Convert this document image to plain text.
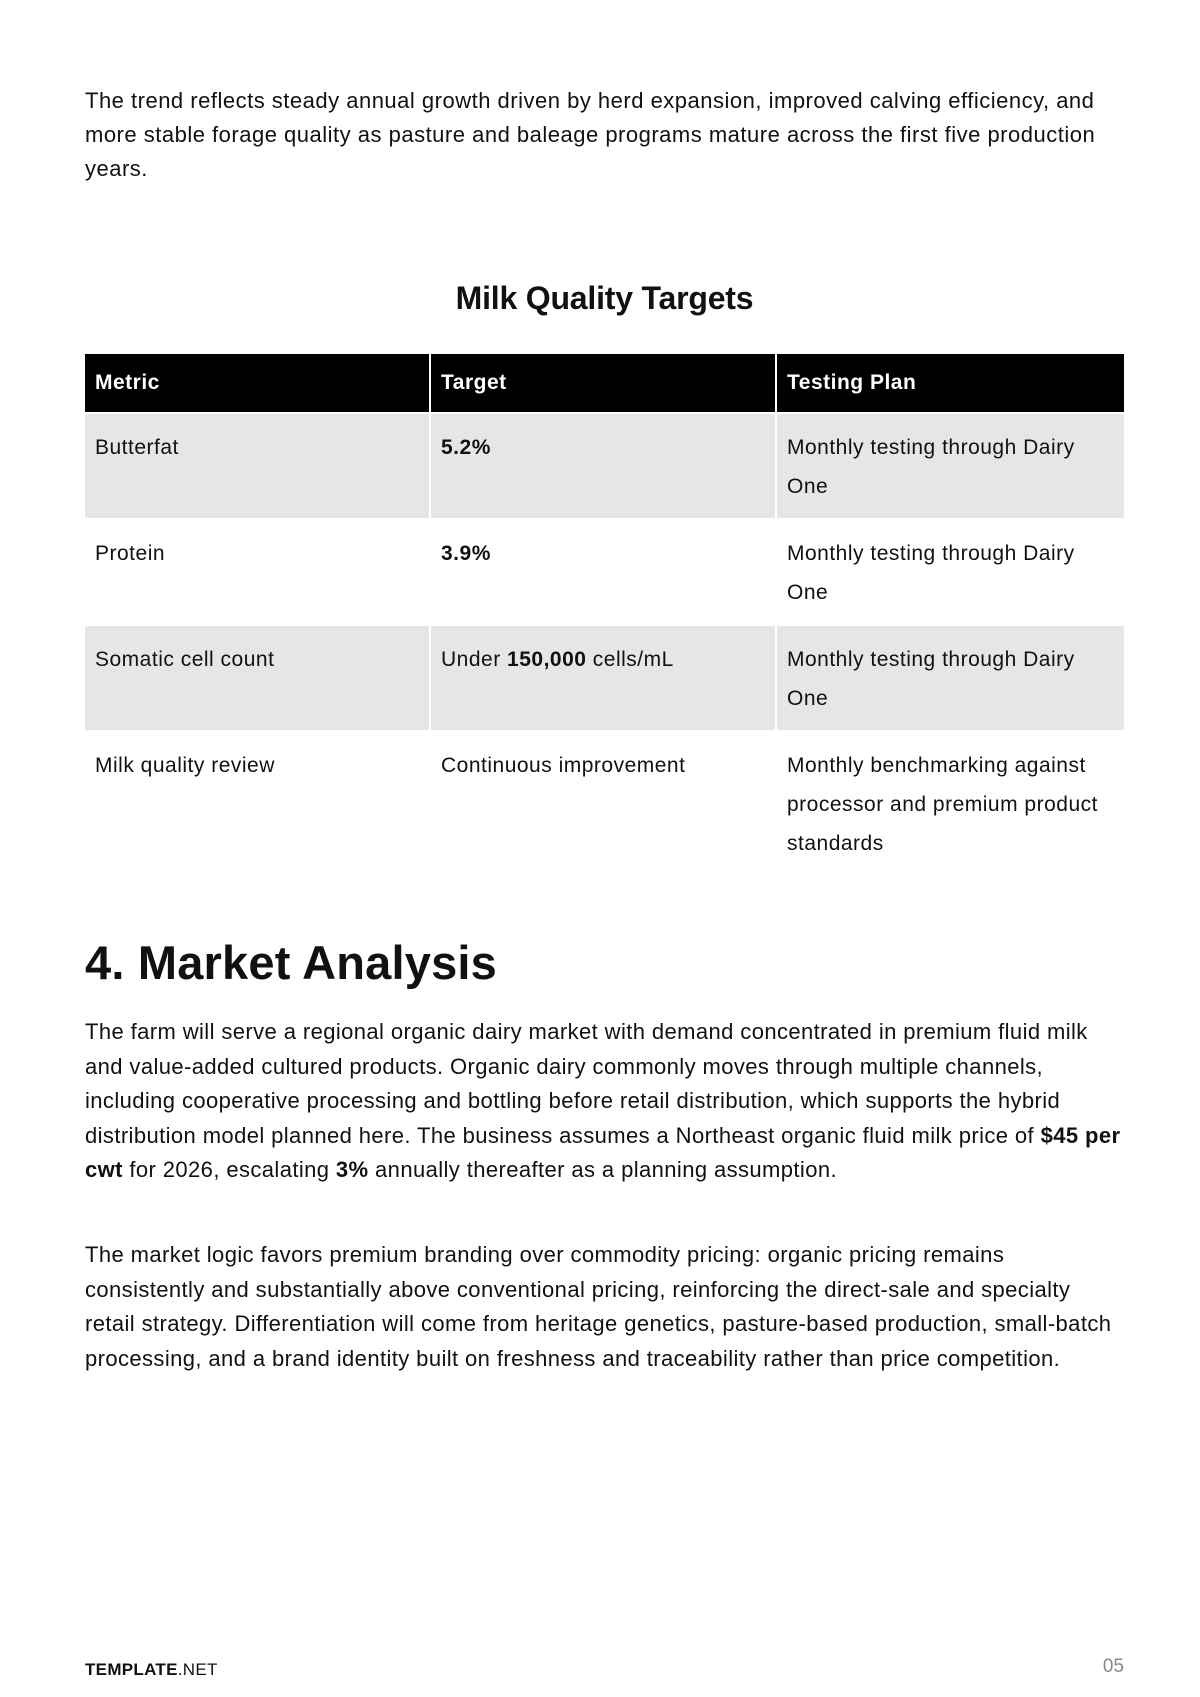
The trend reflects steady annual growth driven by herd expansion, improved calving efficiency, and more stable forage quality as pasture and baleage programs mature across the first five production years.

Milk Quality Targets
Metric	Target	Testing Plan
Butterfat	5.2%	Monthly testing through Dairy One
Protein	3.9%	Monthly testing through Dairy One
Somatic cell count	Under 150,000 cells/mL	Monthly testing through Dairy One
Milk quality review	Continuous improvement	Monthly benchmarking against processor and premium product standards
4. Market Analysis

The farm will serve a regional organic dairy market with demand concentrated in premium fluid milk and value-added cultured products. Organic dairy commonly moves through multiple channels, including cooperative processing and bottling before retail distribution, which supports the hybrid distribution model planned here. The business assumes a Northeast organic fluid milk price of $45 per cwt for 2026, escalating 3% annually thereafter as a planning assumption.

The market logic favors premium branding over commodity pricing: organic pricing remains consistently and substantially above conventional pricing, reinforcing the direct-sale and specialty retail strategy. Differentiation will come from heritage genetics, pasture-based production, small-batch processing, and a brand identity built on freshness and traceability rather than price competition.

TEMPLATE.NET	05
